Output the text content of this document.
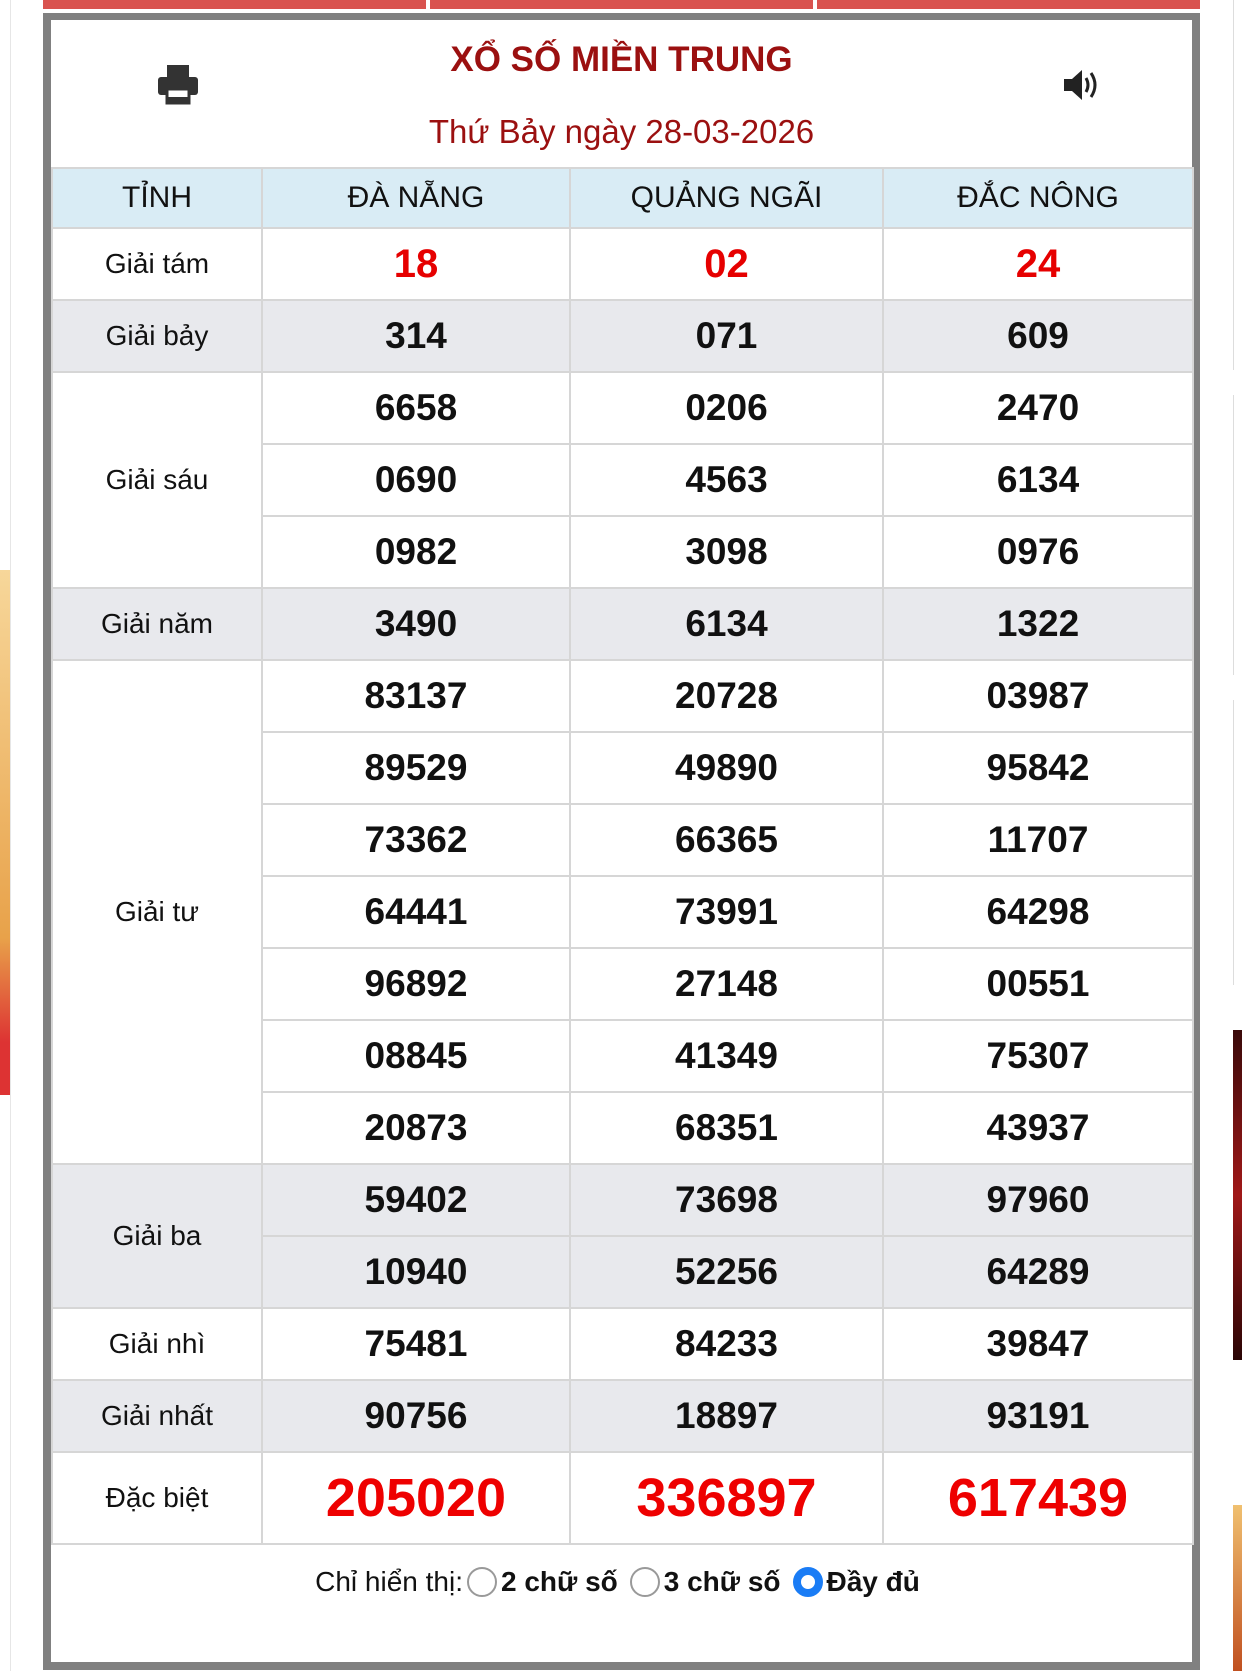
XỔ SỐ MIỀN TRUNG
Thứ Bảy ngày 28-03-2026
TỈNH	ĐÀ NẴNG	QUẢNG NGÃI	ĐẮC NÔNG
Giải tám	18	02	24
Giải bảy	314	071	609
Giải sáu	6658	0206	2470
	0690	4563	6134
	0982	3098	0976
Giải năm	3490	6134	1322
Giải tư	83137	20728	03987
	89529	49890	95842
	73362	66365	11707
	64441	73991	64298
	96892	27148	00551
	08845	41349	75307
	20873	68351	43937
Giải ba	59402	73698	97960
	10940	52256	64289
Giải nhì	75481	84233	39847
Giải nhất	90756	18897	93191
Đặc biệt	205020	336897	617439
Chỉ hiển thị: 2 chữ số 3 chữ số Đầy đủ
